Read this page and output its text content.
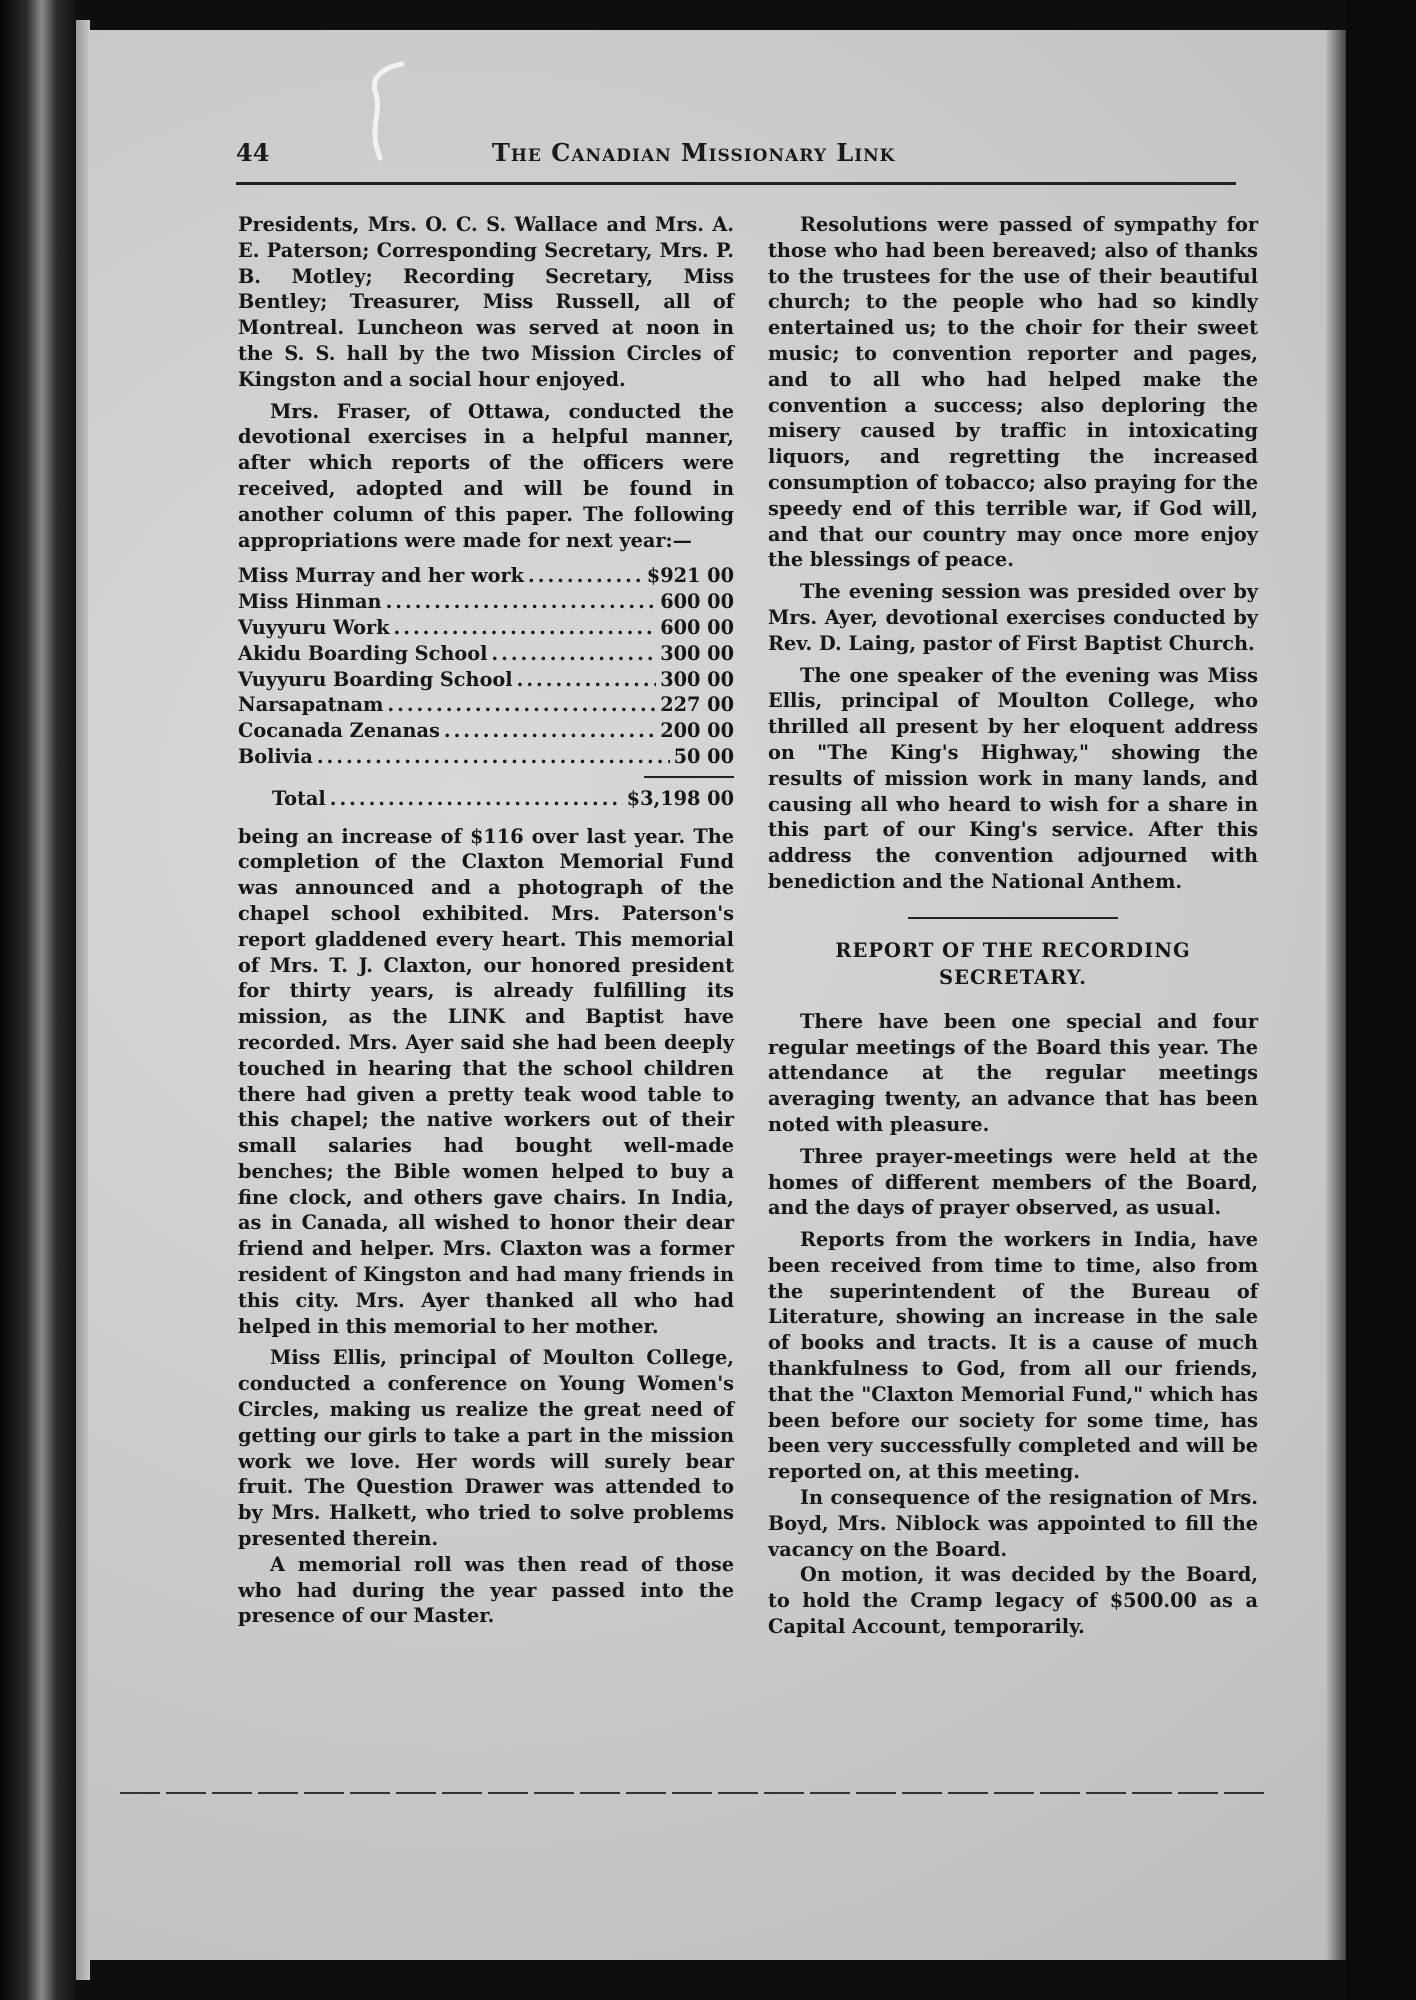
44	The Canadian Missionary Link

Presidents, Mrs. O. C. S. Wallace and Mrs. A. E. Paterson; Corresponding Secretary, Mrs. P. B. Motley; Recording Secretary, Miss Bentley; Treasurer, Miss Russell, all of Montreal. Luncheon was served at noon in the S. S. hall by the two Mission Circles of Kingston and a social hour enjoyed.

Mrs. Fraser, of Ottawa, conducted the devotional exercises in a helpful manner, after which reports of the officers were received, adopted and will be found in another column of this paper. The following appropriations were made for next year:—

Miss Murray and her work .....	$921 00
Miss Hinman .....	600 00
Vuyyuru Work .....	600 00
Akidu Boarding School .....	300 00
Vuyyuru Boarding School .....	300 00
Narsapatnam .....	227 00
Cocanada Zenanas .....	200 00
Bolivia .....	50 00
Total .....	$3,198 00

being an increase of $116 over last year. The completion of the Claxton Memorial Fund was announced and a photograph of the chapel school exhibited. Mrs. Paterson's report gladdened every heart. This memorial of Mrs. T. J. Claxton, our honored president for thirty years, is already fulfilling its mission, as the LINK and Baptist have recorded. Mrs. Ayer said she had been deeply touched in hearing that the school children there had given a pretty teak wood table to this chapel; the native workers out of their small salaries had bought well-made benches; the Bible women helped to buy a fine clock, and others gave chairs. In India, as in Canada, all wished to honor their dear friend and helper. Mrs. Claxton was a former resident of Kingston and had many friends in this city. Mrs. Ayer thanked all who had helped in this memorial to her mother.

Miss Ellis, principal of Moulton College, conducted a conference on Young Women's Circles, making us realize the great need of getting our girls to take a part in the mission work we love. Her words will surely bear fruit. The Question Drawer was attended to by Mrs. Halkett, who tried to solve problems presented therein.

A memorial roll was then read of those who had during the year passed into the presence of our Master.

Resolutions were passed of sympathy for those who had been bereaved; also of thanks to the trustees for the use of their beautiful church; to the people who had so kindly entertained us; to the choir for their sweet music; to convention reporter and pages, and to all who had helped make the convention a success; also deploring the misery caused by traffic in intoxicating liquors, and regretting the increased consumption of tobacco; also praying for the speedy end of this terrible war, if God will, and that our country may once more enjoy the blessings of peace.

The evening session was presided over by Mrs. Ayer, devotional exercises conducted by Rev. D. Laing, pastor of First Baptist Church.

The one speaker of the evening was Miss Ellis, principal of Moulton College, who thrilled all present by her eloquent address on "The King's Highway," showing the results of mission work in many lands, and causing all who heard to wish for a share in this part of our King's service. After this address the convention adjourned with benediction and the National Anthem.

REPORT OF THE RECORDING SECRETARY.

There have been one special and four regular meetings of the Board this year. The attendance at the regular meetings averaging twenty, an advance that has been noted with pleasure.

Three prayer-meetings were held at the homes of different members of the Board, and the days of prayer observed, as usual.

Reports from the workers in India, have been received from time to time, also from the superintendent of the Bureau of Literature, showing an increase in the sale of books and tracts. It is a cause of much thankfulness to God, from all our friends, that the "Claxton Memorial Fund," which has been before our society for some time, has been very successfully completed and will be reported on, at this meeting.

In consequence of the resignation of Mrs. Boyd, Mrs. Niblock was appointed to fill the vacancy on the Board.

On motion, it was decided by the Board, to hold the Cramp legacy of $500.00 as a Capital Account, temporarily.
